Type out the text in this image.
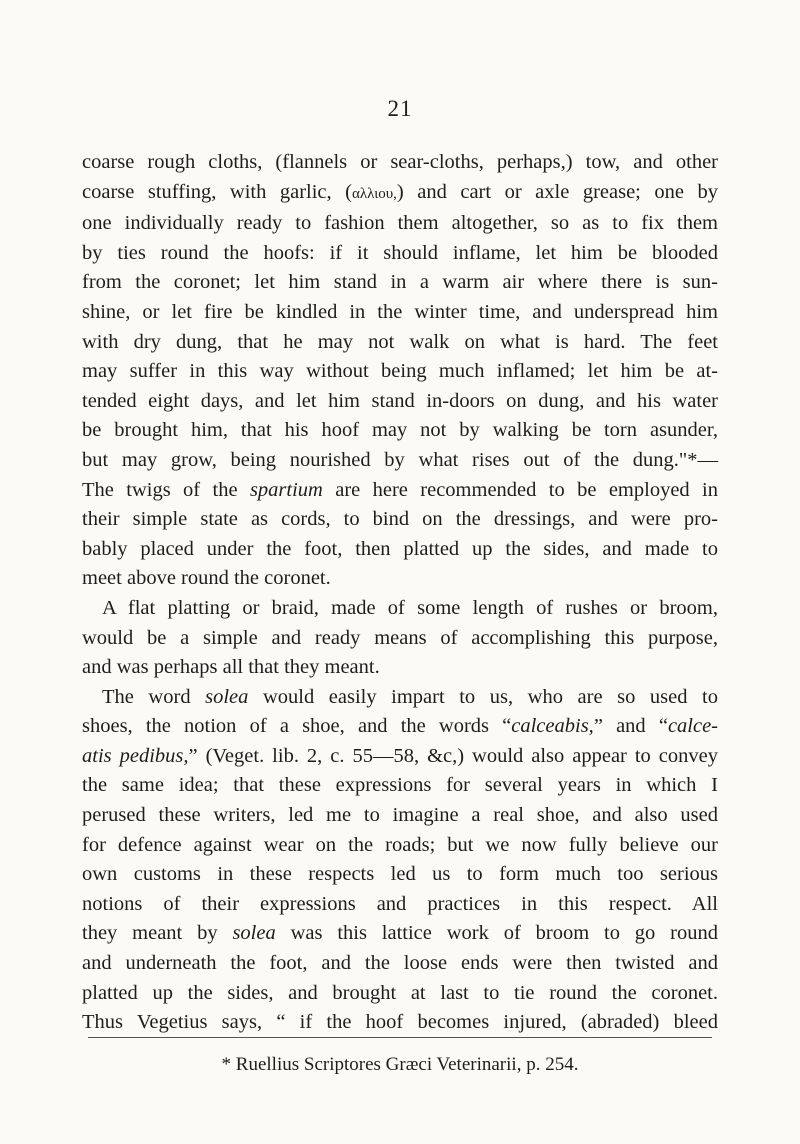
21
coarse rough cloths, (flannels or sear-cloths, perhaps,) tow, and other
coarse stuffing, with garlic, (αλλιου,) and cart or axle grease; one by
one individually ready to fashion them altogether, so as to fix them
by ties round the hoofs: if it should inflame, let him be blooded
from the coronet; let him stand in a warm air where there is sun-
shine, or let fire be kindled in the winter time, and underspread him
with dry dung, that he may not walk on what is hard. The feet
may suffer in this way without being much inflamed; let him be at-
tended eight days, and let him stand in-doors on dung, and his water
be brought him, that his hoof may not by walking be torn asunder,
but may grow, being nourished by what rises out of the dung."*—
The twigs of the spartium are here recommended to be employed in
their simple state as cords, to bind on the dressings, and were pro-
bably placed under the foot, then platted up the sides, and made to
meet above round the coronet.
A flat platting or braid, made of some length of rushes or broom,
would be a simple and ready means of accomplishing this purpose,
and was perhaps all that they meant.
The word solea would easily impart to us, who are so used to
shoes, the notion of a shoe, and the words “calceabis,” and “calce-
atis pedibus,” (Veget. lib. 2, c. 55—58, &c,) would also appear to convey
the same idea; that these expressions for several years in which I
perused these writers, led me to imagine a real shoe, and also used
for defence against wear on the roads; but we now fully believe our
own customs in these respects led us to form much too serious
notions of their expressions and practices in this respect. All
they meant by solea was this lattice work of broom to go round
and underneath the foot, and the loose ends were then twisted and
platted up the sides, and brought at last to tie round the coronet.
Thus Vegetius says, “ if the hoof becomes injured, (abraded) bleed
* Ruellius Scriptores Græci Veterinarii, p. 254.
